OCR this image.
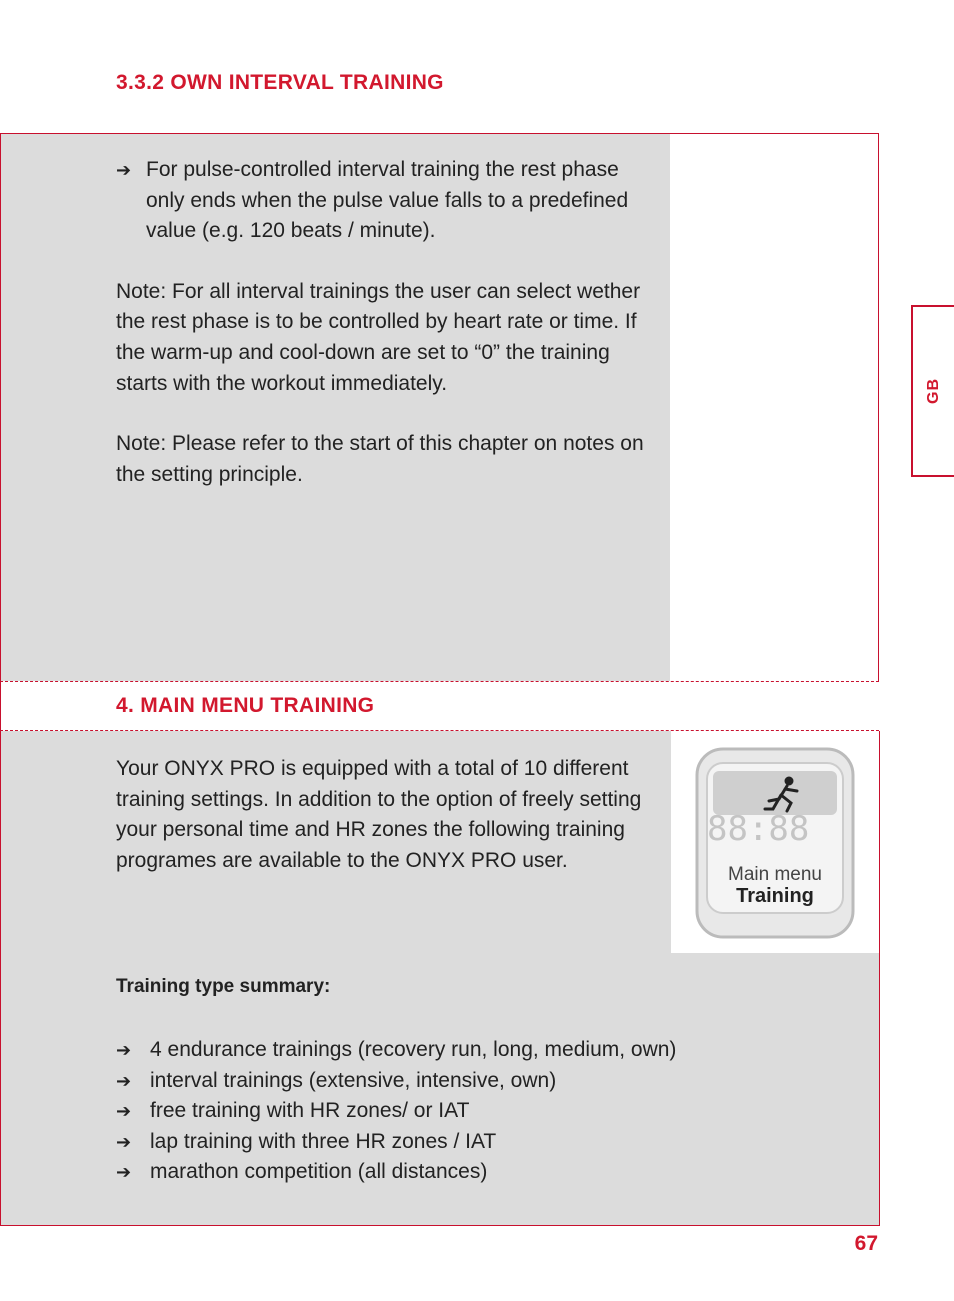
3.3.2 OWN INTERVAL TRAINING
➔ For pulse-controlled interval training the rest phase only ends when the pulse value falls to a predefined value (e.g. 120 beats / minute).

Note: For all interval trainings the user can select wether the rest phase is to be controlled by heart rate or time. If the warm-up and cool-down are set to “0” the training starts with the workout immediately.

Note: Please refer to the start of this chapter on notes on the setting principle.

4. MAIN MENU TRAINING
88:88
Main menu
Training
Your ONYX PRO is equipped with a total of 10 different training settings. In addition to the option of freely setting your personal time and HR zones the following training programes are available to the ONYX PRO user.
Training type summary:
➔ 4 endurance trainings (recovery run, long, medium, own)
➔ interval trainings (extensive, intensive, own)
➔ free training with HR zones/ or IAT
➔ lap training with three HR zones / IAT
➔ marathon competition (all distances)
GB
67
